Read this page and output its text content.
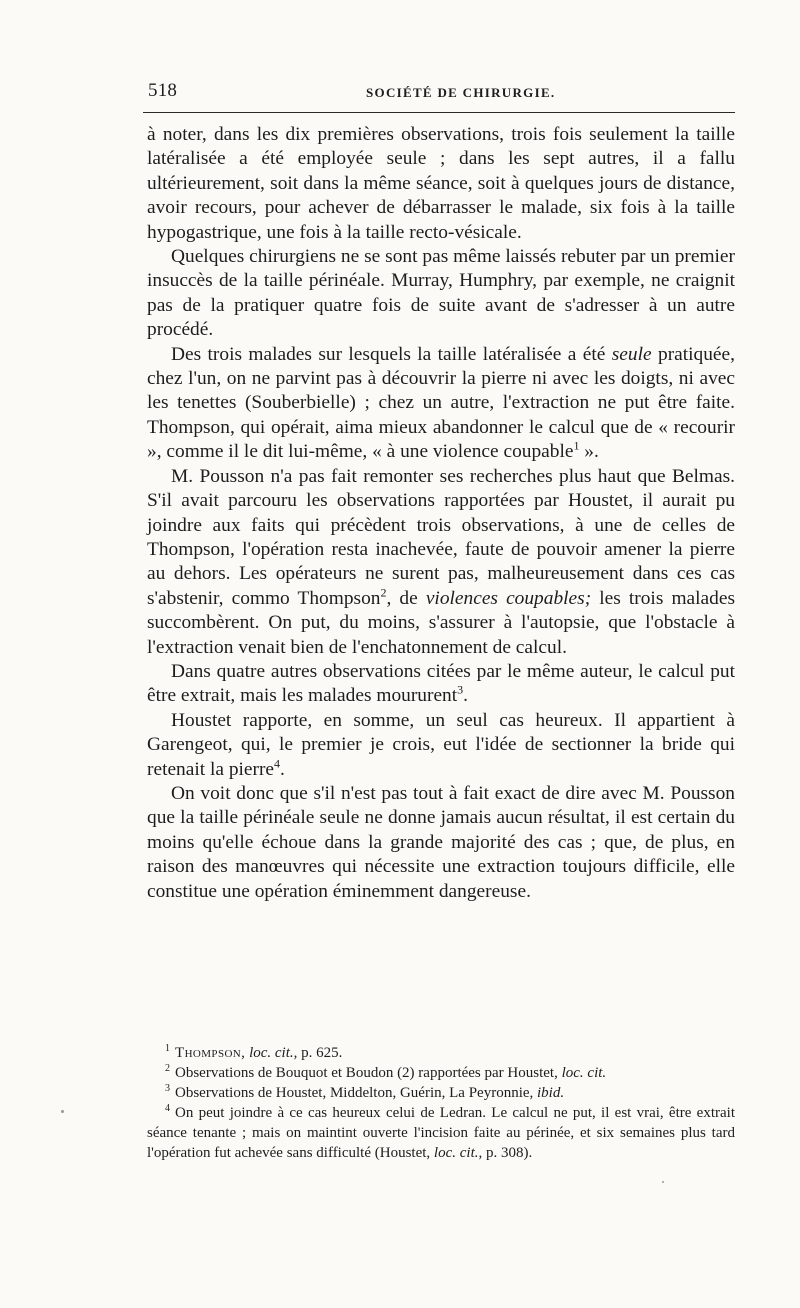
518	SOCIÉTÉ DE CHIRURGIE.

à noter, dans les dix premières observations, trois fois seulement la taille latéralisée a été employée seule ; dans les sept autres, il a fallu ultérieurement, soit dans la même séance, soit à quelques jours de distance, avoir recours, pour achever de débarrasser le malade, six fois à la taille hypogastrique, une fois à la taille recto-vésicale.

Quelques chirurgiens ne se sont pas même laissés rebuter par un premier insuccès de la taille périnéale. Murray, Humphry, par exemple, ne craignit pas de la pratiquer quatre fois de suite avant de s'adresser à un autre procédé.

Des trois malades sur lesquels la taille latéralisée a été seule pratiquée, chez l'un, on ne parvint pas à découvrir la pierre ni avec les doigts, ni avec les tenettes (Souberbielle) ; chez un autre, l'extraction ne put être faite. Thompson, qui opérait, aima mieux abandonner le calcul que de « recourir », comme il le dit lui-même, « à une violence coupable$^1$ ».

M. Pousson n'a pas fait remonter ses recherches plus haut que Belmas. S'il avait parcouru les observations rapportées par Houstet, il aurait pu joindre aux faits qui précèdent trois observations, à une de celles de Thompson, l'opération resta inachevée, faute de pouvoir amener la pierre au dehors. Les opérateurs ne surent pas, malheureusement dans ces cas s'abstenir, commo Thompson$^2$, de violences coupables; les trois malades succombèrent. On put, du moins, s'assurer à l'autopsie, que l'obstacle à l'extraction venait bien de l'enchatonnement de calcul.

Dans quatre autres observations citées par le même auteur, le calcul put être extrait, mais les malades moururent$^3$.

Houstet rapporte, en somme, un seul cas heureux. Il appartient à Garengeot, qui, le premier je crois, eut l'idée de sectionner la bride qui retenait la pierre$^4$.

On voit donc que s'il n'est pas tout à fait exact de dire avec M. Pousson que la taille périnéale seule ne donne jamais aucun résultat, il est certain du moins qu'elle échoue dans la grande majorité des cas ; que, de plus, en raison des manœuvres qui nécessite une extraction toujours difficile, elle constitue une opération éminemment dangereuse.

$^1$ Thompson, loc. cit., p. 625.

$^2$ Observations de Bouquot et Boudon (2) rapportées par Houstet, loc. cit.

$^3$ Observations de Houstet, Middelton, Guérin, La Peyronnie, ibid.

$^4$ On peut joindre à ce cas heureux celui de Ledran. Le calcul ne put, il est vrai, être extrait séance tenante ; mais on maintint ouverte l'incision faite au périnée, et six semaines plus tard l'opération fut achevée sans difficulté (Houstet, loc. cit., p. 308).
